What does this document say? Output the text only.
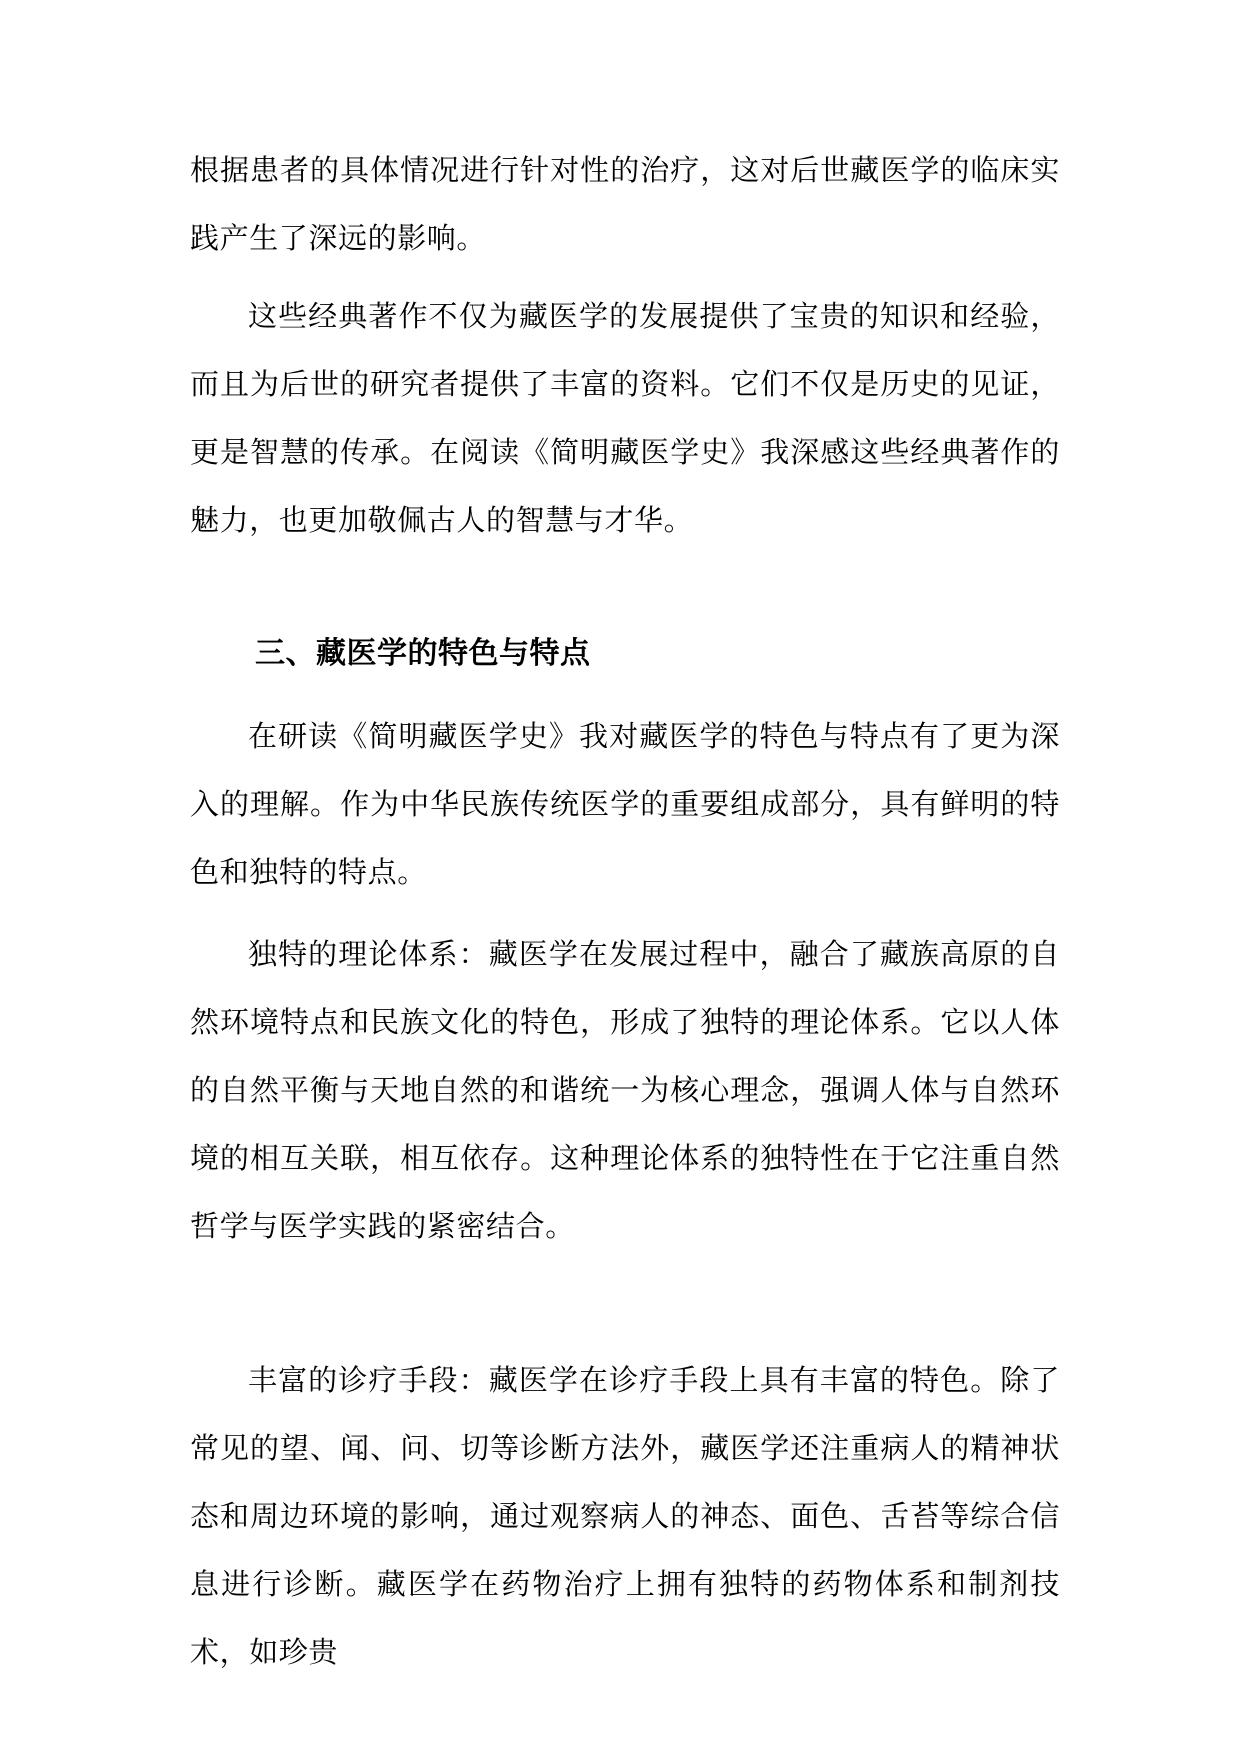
根据患者的具体情况进行针对性的治疗，这对后世藏医学的临床实践产生了深远的影响。

这些经典著作不仅为藏医学的发展提供了宝贵的知识和经验，而且为后世的研究者提供了丰富的资料。它们不仅是历史的见证，更是智慧的传承。在阅读《简明藏医学史》我深感这些经典著作的魅力，也更加敬佩古人的智慧与才华。

三、藏医学的特色与特点

在研读《简明藏医学史》我对藏医学的特色与特点有了更为深入的理解。作为中华民族传统医学的重要组成部分，具有鲜明的特色和独特的特点。

独特的理论体系：藏医学在发展过程中，融合了藏族高原的自然环境特点和民族文化的特色，形成了独特的理论体系。它以人体的自然平衡与天地自然的和谐统一为核心理念，强调人体与自然环境的相互关联，相互依存。这种理论体系的独特性在于它注重自然哲学与医学实践的紧密结合。

丰富的诊疗手段：藏医学在诊疗手段上具有丰富的特色。除了常见的望、闻、问、切等诊断方法外，藏医学还注重病人的精神状态和周边环境的影响，通过观察病人的神态、面色、舌苔等综合信息进行诊断。藏医学在药物治疗上拥有独特的药物体系和制剂技术，如珍贵
